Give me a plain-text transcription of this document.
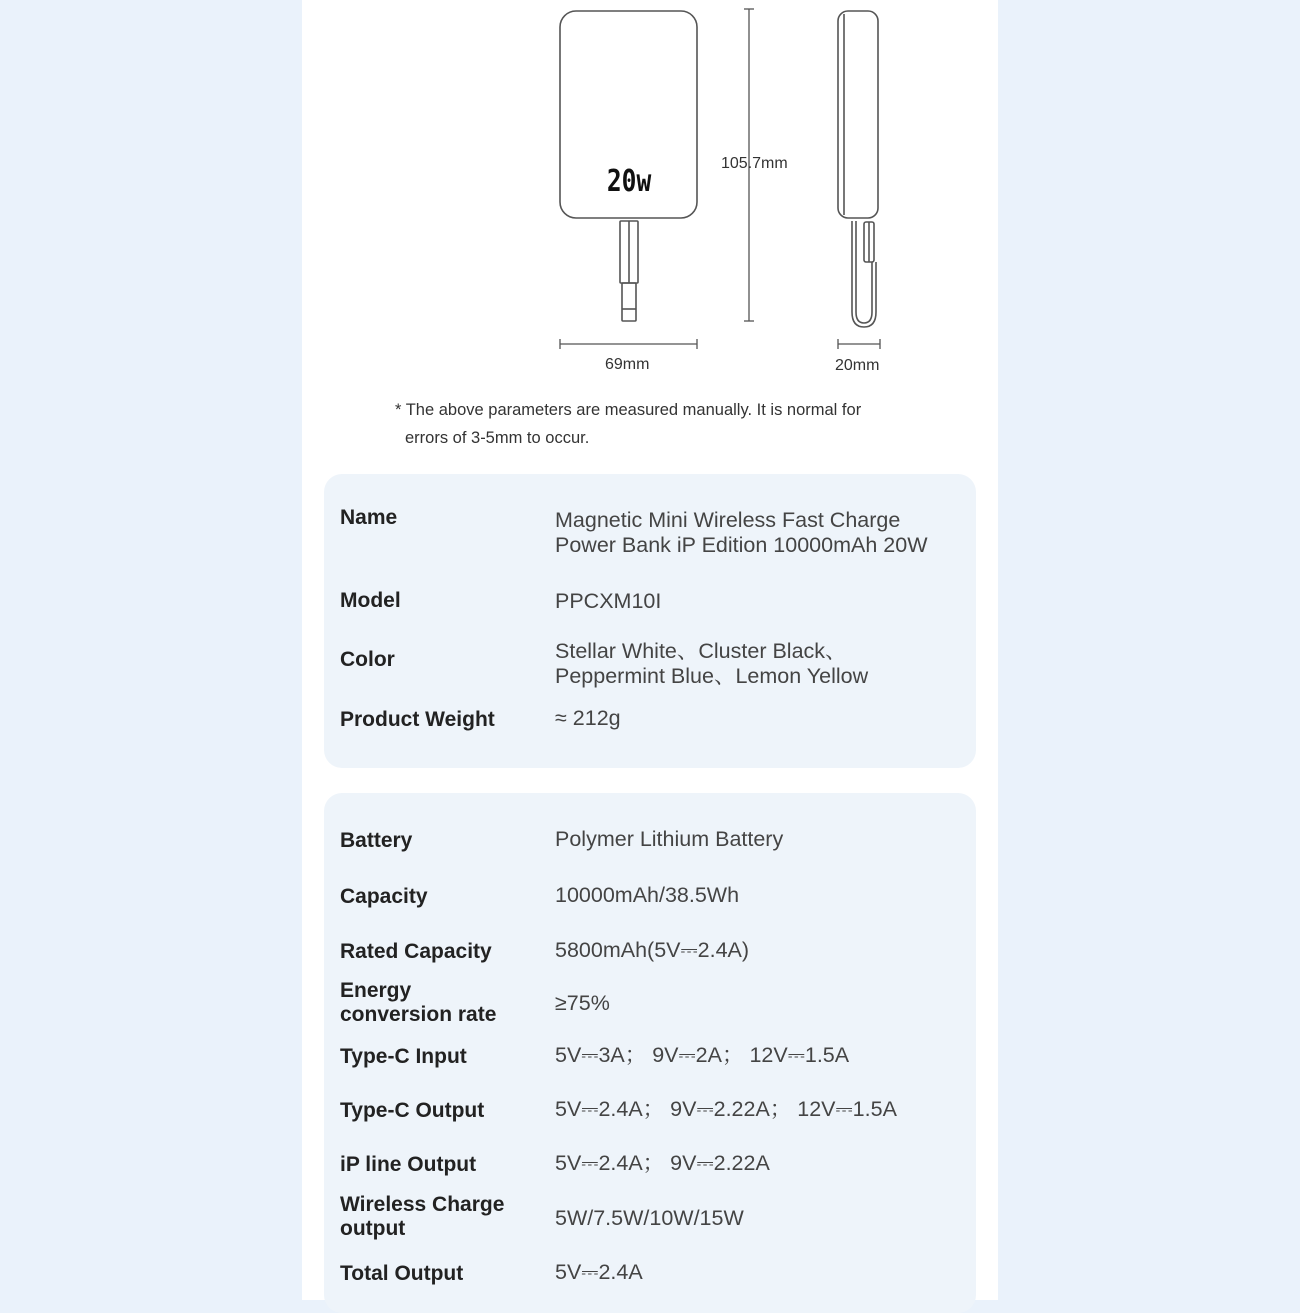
20w
105.7mm
69mm	20mm
* The above parameters are measured manually. It is normal for
errors of 3-5mm to occur.
Name	Magnetic Mini Wireless Fast Charge
Power Bank iP Edition 10000mAh 20W
Model	PPCXM10I
Color	Stellar White、Cluster Black、
Peppermint Blue、Lemon Yellow
Product Weight	≈ 212g
Battery	Polymer Lithium Battery
Capacity	10000mAh/38.5Wh
Rated Capacity	5800mAh(5V⎓2.4A)
Energy
conversion rate	≥75%
Type-C Input	5V⎓3A； 9V⎓2A； 12V⎓1.5A
Type-C Output	5V⎓2.4A； 9V⎓2.22A； 12V⎓1.5A
iP line Output	5V⎓2.4A； 9V⎓2.22A
Wireless Charge
output	5W/7.5W/10W/15W
Total Output	5V⎓2.4A
